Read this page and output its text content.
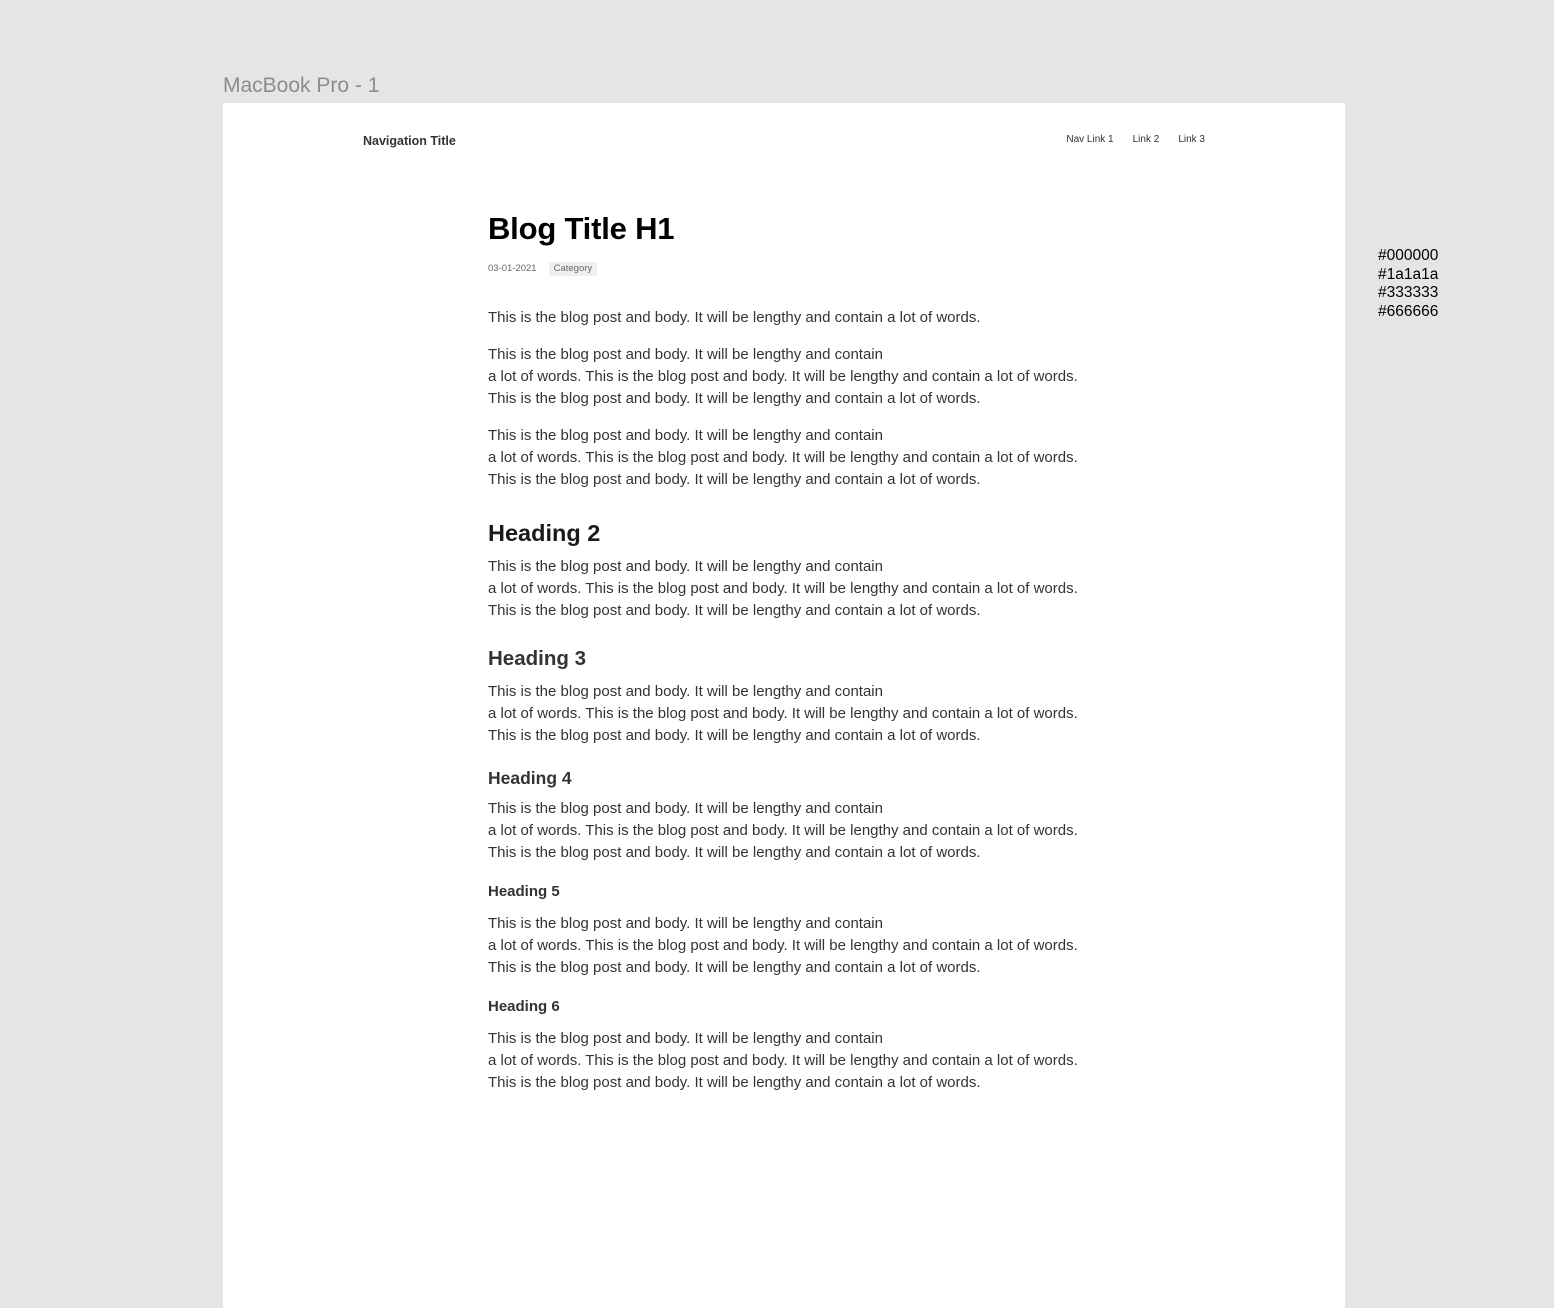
MacBook Pro - 1
Navigation Title	Nav Link 1 Link 2 Link 3
Blog Title H1
03-01-2021	Category

This is the blog post and body. It will be lengthy and contain a lot of words.

This is the blog post and body. It will be lengthy and contain
a lot of words. This is the blog post and body. It will be lengthy and contain a lot of words. This is the blog post and body. It will be lengthy and contain a lot of words.

This is the blog post and body. It will be lengthy and contain
a lot of words. This is the blog post and body. It will be lengthy and contain a lot of words. This is the blog post and body. It will be lengthy and contain a lot of words.

Heading 2

This is the blog post and body. It will be lengthy and contain
a lot of words. This is the blog post and body. It will be lengthy and contain a lot of words. This is the blog post and body. It will be lengthy and contain a lot of words.

Heading 3

This is the blog post and body. It will be lengthy and contain
a lot of words. This is the blog post and body. It will be lengthy and contain a lot of words. This is the blog post and body. It will be lengthy and contain a lot of words.

Heading 4

This is the blog post and body. It will be lengthy and contain
a lot of words. This is the blog post and body. It will be lengthy and contain a lot of words. This is the blog post and body. It will be lengthy and contain a lot of words.

Heading 5

This is the blog post and body. It will be lengthy and contain
a lot of words. This is the blog post and body. It will be lengthy and contain a lot of words. This is the blog post and body. It will be lengthy and contain a lot of words.

Heading 6

This is the blog post and body. It will be lengthy and contain
a lot of words. This is the blog post and body. It will be lengthy and contain a lot of words. This is the blog post and body. It will be lengthy and contain a lot of words.

#000000
#1a1a1a
#333333
#666666
